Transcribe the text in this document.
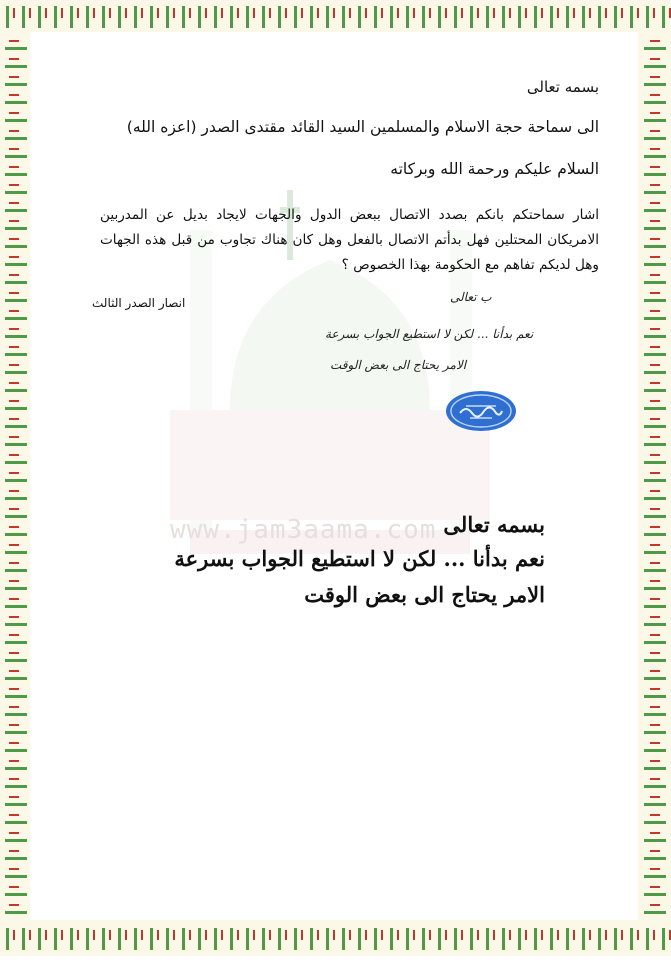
www.jam3aama.com
بسمه تعالى
الى سماحة حجة الاسلام والمسلمين السيد القائد مقتدى الصدر (اعزه الله)
السلام عليكم ورحمة الله وبركاته
اشار سماحتكم بانكم بصدد الاتصال ببعض الدول والجهات لايجاد بديل عن المدربين الامريكان المحتلين فهل بدأتم الاتصال بالفعل وهل كان هناك تجاوب من قبل هذه الجهات وهل لديكم تفاهم مع الحكومة بهذا الخصوص ؟
انصار الصدر الثالث	ب تعالى
نعم بدأنا ... لكن لا استطيع الجواب بسرعة
الامر يحتاج الى بعض الوقت
بسمه تعالى
نعم بدأنا ... لكن لا استطيع الجواب بسرعة
الامر يحتاج الى بعض الوقت
